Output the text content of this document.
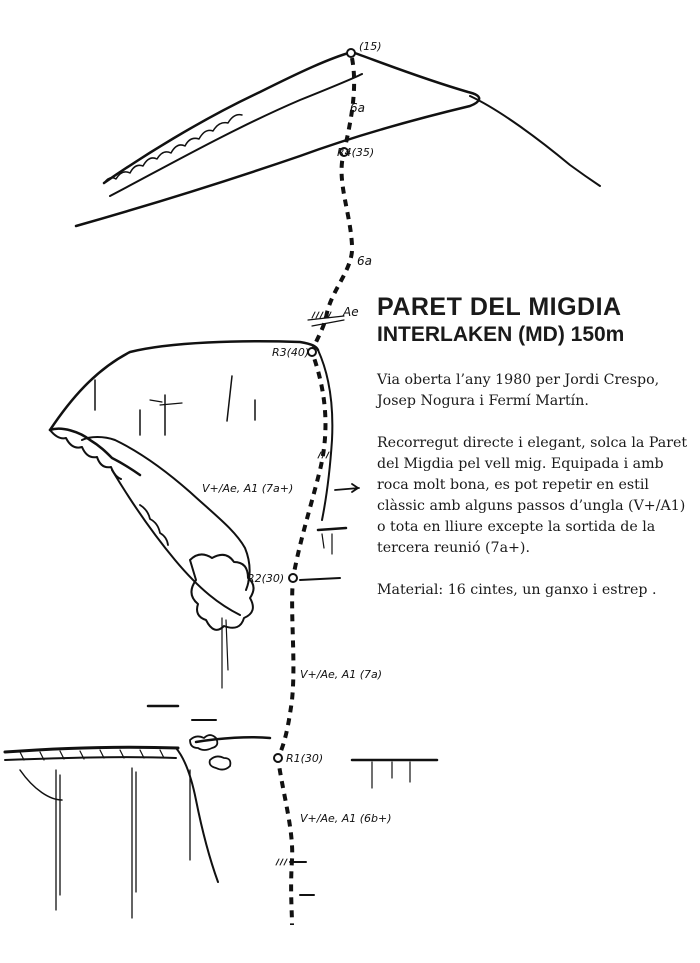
(15)
R4(35)
R3(40)
R2(30)
R1(30)
6a
6a
Ae
V+/Ae, A1 (7a+)
V+/Ae, A1 (7a)
V+/Ae, A1 (6b+)
PARET DEL MIGDIA
INTERLAKEN (MD) 150m

Via oberta l’any 1980 per Jordi Crespo, Josep Nogura i Fermí Martín.

Recorregut directe i elegant, solca la Paret del Migdia pel vell mig. Equipada i amb roca molt bona, es pot repetir en estil clàssic amb alguns passos d’ungla (V+/A1) o tota en lliure excepte la sortida de la tercera reunió (7a+).

Material: 16 cintes, un ganxo i estrep .
